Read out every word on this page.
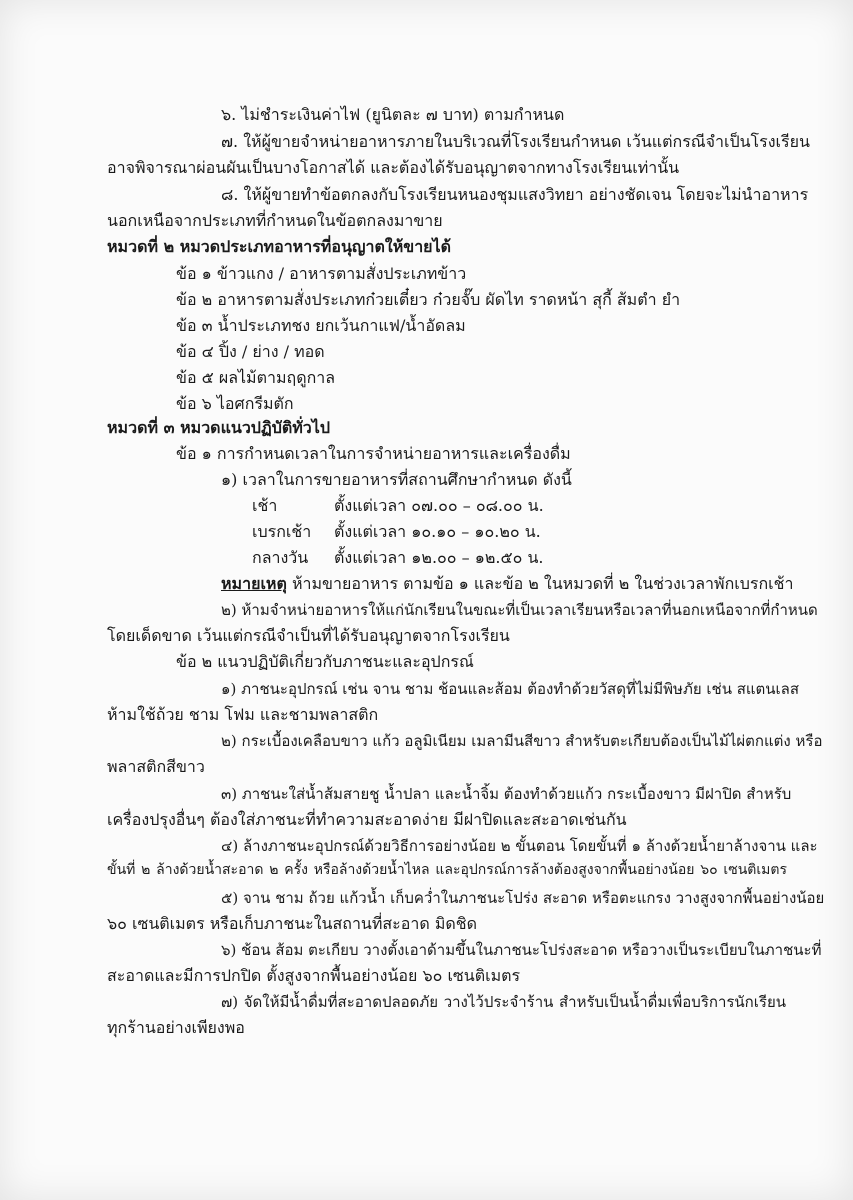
๖. ไม่ชำระเงินค่าไฟ (ยูนิตละ ๗ บาท) ตามกำหนด
๗. ให้ผู้ขายจำหน่ายอาหารภายในบริเวณที่โรงเรียนกำหนด เว้นแต่กรณีจำเป็นโรงเรียน
อาจพิจารณาผ่อนผันเป็นบางโอกาสได้ และต้องได้รับอนุญาตจากทางโรงเรียนเท่านั้น
๘. ให้ผู้ขายทำข้อตกลงกับโรงเรียนหนองชุมแสงวิทยา อย่างชัดเจน โดยจะไม่นำอาหาร
นอกเหนือจากประเภทที่กำหนดในข้อตกลงมาขาย
หมวดที่ ๒ หมวดประเภทอาหารที่อนุญาตให้ขายได้
ข้อ ๑ ข้าวแกง / อาหารตามสั่งประเภทข้าว
ข้อ ๒ อาหารตามสั่งประเภทก๋วยเตี๋ยว ก๋วยจั๊บ ผัดไท ราดหน้า สุกี้ ส้มตำ ยำ
ข้อ ๓ น้ำประเภทชง ยกเว้นกาแฟ/น้ำอัดลม
ข้อ ๔ ปิ้ง / ย่าง / ทอด
ข้อ ๕ ผลไม้ตามฤดูกาล
ข้อ ๖ ไอศกรีมตัก
หมวดที่ ๓ หมวดแนวปฏิบัติทั่วไป
ข้อ ๑ การกำหนดเวลาในการจำหน่ายอาหารและเครื่องดื่ม
๑) เวลาในการขายอาหารที่สถานศึกษากำหนด ดังนี้
เช้า	ตั้งแต่เวลา ๐๗.๐๐ – ๐๘.๐๐ น.
เบรกเช้า ตั้งแต่เวลา ๑๐.๑๐ – ๑๐.๒๐ น.
กลางวัน ตั้งแต่เวลา ๑๒.๐๐ – ๑๒.๕๐ น.
หมายเหตุ ห้ามขายอาหาร ตามข้อ ๑ และข้อ ๒ ในหมวดที่ ๒ ในช่วงเวลาพักเบรกเช้า
๒) ห้ามจำหน่ายอาหารให้แก่นักเรียนในขณะที่เป็นเวลาเรียนหรือเวลาที่นอกเหนือจากที่กำหนด
โดยเด็ดขาด เว้นแต่กรณีจำเป็นที่ได้รับอนุญาตจากโรงเรียน
ข้อ ๒ แนวปฏิบัติเกี่ยวกับภาชนะและอุปกรณ์
๑) ภาชนะอุปกรณ์ เช่น จาน ชาม ช้อนและส้อม ต้องทำด้วยวัสดุที่ไม่มีพิษภัย เช่น สแตนเลส
ห้ามใช้ถ้วย ชาม โฟม และชามพลาสติก
๒) กระเบื้องเคลือบขาว แก้ว อลูมิเนียม เมลามีนสีขาว สำหรับตะเกียบต้องเป็นไม้ไผ่ตกแต่ง หรือ
พลาสติกสีขาว
๓) ภาชนะใส่น้ำส้มสายชู น้ำปลา และน้ำจิ้ม ต้องทำด้วยแก้ว กระเบื้องขาว มีฝาปิด สำหรับ
เครื่องปรุงอื่นๆ ต้องใส่ภาชนะที่ทำความสะอาดง่าย มีฝาปิดและสะอาดเช่นกัน
๔) ล้างภาชนะอุปกรณ์ด้วยวิธีการอย่างน้อย ๒ ขั้นตอน โดยขั้นที่ ๑ ล้างด้วยน้ำยาล้างจาน และ
ขั้นที่ ๒ ล้างด้วยน้ำสะอาด ๒ ครั้ง หรือล้างด้วยน้ำไหล และอุปกรณ์การล้างต้องสูงจากพื้นอย่างน้อย ๖๐ เซนติเมตร
๕) จาน ชาม ถ้วย แก้วน้ำ เก็บคว่ำในภาชนะโปร่ง สะอาด หรือตะแกรง วางสูงจากพื้นอย่างน้อย
๖๐ เซนติเมตร หรือเก็บภาชนะในสถานที่สะอาด มิดชิด
๖) ช้อน ส้อม ตะเกียบ วางตั้งเอาด้ามขึ้นในภาชนะโปร่งสะอาด หรือวางเป็นระเบียบในภาชนะที่
สะอาดและมีการปกปิด ตั้งสูงจากพื้นอย่างน้อย ๖๐ เซนติเมตร
๗) จัดให้มีน้ำดื่มที่สะอาดปลอดภัย วางไว้ประจำร้าน สำหรับเป็นน้ำดื่มเพื่อบริการนักเรียน
ทุกร้านอย่างเพียงพอ
